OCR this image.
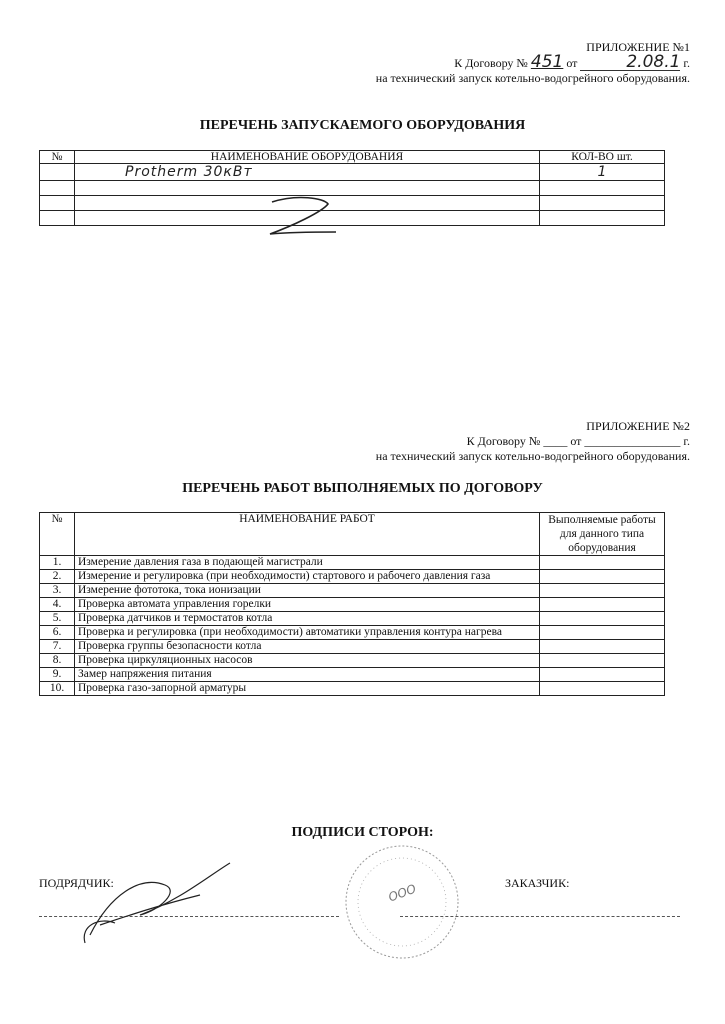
ПРИЛОЖЕНИЕ №1
К Договору № 451 от	2.08.1 г.
на технический запуск котельно-водогрейного оборудования.
ПЕРЕЧЕНЬ ЗАПУСКАЕМОГО ОБОРУДОВАНИЯ
№	НАИМЕНОВАНИЕ ОБОРУДОВАНИЯ	КОЛ-ВО шт.
	Protherm 30кВт	1

ПРИЛОЖЕНИЕ №2
К Договору № ____ от ________________ г.
на технический запуск котельно-водогрейного оборудования.
ПЕРЕЧЕНЬ РАБОТ ВЫПОЛНЯЕМЫХ ПО ДОГОВОРУ
№	НАИМЕНОВАНИЕ РАБОТ	Выполняемые работы для данного типа оборудования
1.	Измерение давления газа в подающей магистрали	
2.	Измерение и регулировка (при необходимости) стартового и рабочего давления газа	
3.	Измерение фототока, тока ионизации	
4.	Проверка автомата управления горелки	
5.	Проверка датчиков и термостатов котла	
6.	Проверка и регулировка (при необходимости) автоматики управления контура нагрева	
7.	Проверка группы безопасности котла	
8.	Проверка циркуляционных насосов	
9.	Замер напряжения питания	
10.	Проверка газо-запорной арматуры	
ПОДПИСИ СТОРОН:
ПОДРЯДЧИК:	ЗАКАЗЧИК:
ООО
